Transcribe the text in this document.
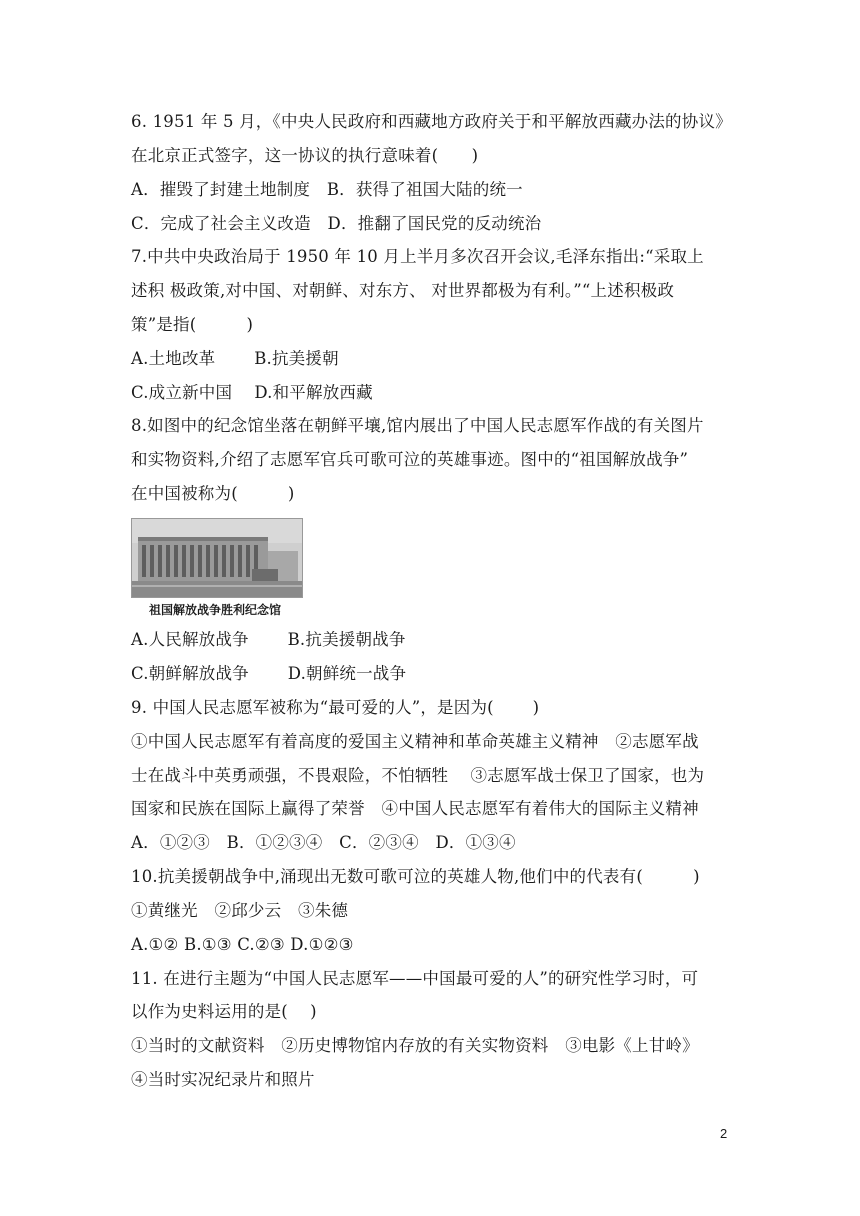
6. 1951 年 5 月，《中央人民政府和西藏地方政府关于和平解放西藏办法的协议》
在北京正式签字，这一协议的执行意味着(　　)
A．摧毁了封建土地制度　B．获得了祖国大陆的统一
C．完成了社会主义改造　D．推翻了国民党的反动统治
7.中共中央政治局于 1950 年 10 月上半月多次召开会议,毛泽东指出:“采取上
述积 极政策,对中国、对朝鲜、对东方、 对世界都极为有利。”“上述积极政
策”是指(　　　)
A.土地改革　　 B.抗美援朝
C.成立新中国　 D.和平解放西藏
8.如图中的纪念馆坐落在朝鲜平壤,馆内展出了中国人民志愿军作战的有关图片
和实物资料,介绍了志愿军官兵可歌可泣的英雄事迹。图中的“祖国解放战争”
在中国被称为(　　　)
祖国解放战争胜利纪念馆
A.人民解放战争　　 B.抗美援朝战争
C.朝鲜解放战争　　 D.朝鲜统一战争
9. 中国人民志愿军被称为“最可爱的人”，是因为(　　 )
①中国人民志愿军有着高度的爱国主义精神和革命英雄主义精神　②志愿军战
士在战斗中英勇顽强，不畏艰险，不怕牺牲　 ③志愿军战士保卫了国家，也为
国家和民族在国际上赢得了荣誉　④中国人民志愿军有着伟大的国际主义精神
A．①②③　B．①②③④　C．②③④　D．①③④
10.抗美援朝战争中,涌现出无数可歌可泣的英雄人物,他们中的代表有(　　　)
①黄继光　②邱少云　③朱德
A.①② B.①③ C.②③ D.①②③
11. 在进行主题为“中国人民志愿军——中国最可爱的人”的研究性学习时，可
以作为史料运用的是(　 )
①当时的文献资料　②历史博物馆内存放的有关实物资料　③电影《上甘岭》
④当时实况纪录片和照片
2
